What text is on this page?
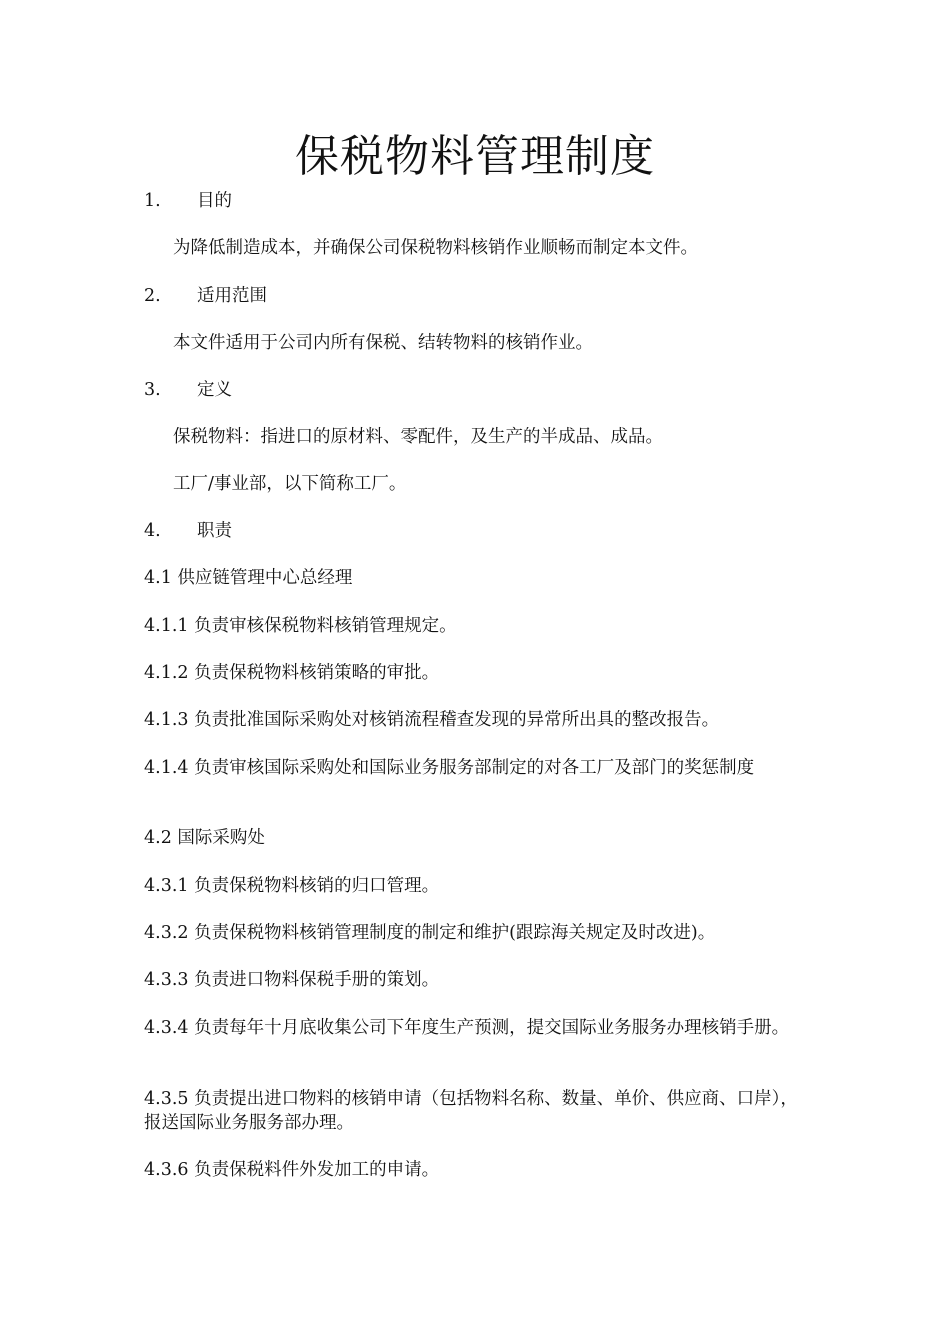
保税物料管理制度
1. 目的
为降低制造成本，并确保公司保税物料核销作业顺畅而制定本文件。
2. 适用范围
本文件适用于公司内所有保税、结转物料的核销作业。
3. 定义
保税物料：指进口的原材料、零配件，及生产的半成品、成品。
工厂/事业部，以下简称工厂。
4. 职责
4.1 供应链管理中心总经理
4.1.1 负责审核保税物料核销管理规定。
4.1.2 负责保税物料核销策略的审批。
4.1.3 负责批准国际采购处对核销流程稽查发现的异常所出具的整改报告。
4.1.4 负责审核国际采购处和国际业务服务部制定的对各工厂及部门的奖惩制度
4.2 国际采购处
4.3.1 负责保税物料核销的归口管理。
4.3.2 负责保税物料核销管理制度的制定和维护(跟踪海关规定及时改进)。
4.3.3 负责进口物料保税手册的策划。
4.3.4 负责每年十月底收集公司下年度生产预测，提交国际业务服务办理核销手册。
4.3.5 负责提出进口物料的核销申请（包括物料名称、数量、单价、供应商、口岸），报送国际业务服务部办理。
4.3.6 负责保税料件外发加工的申请。
